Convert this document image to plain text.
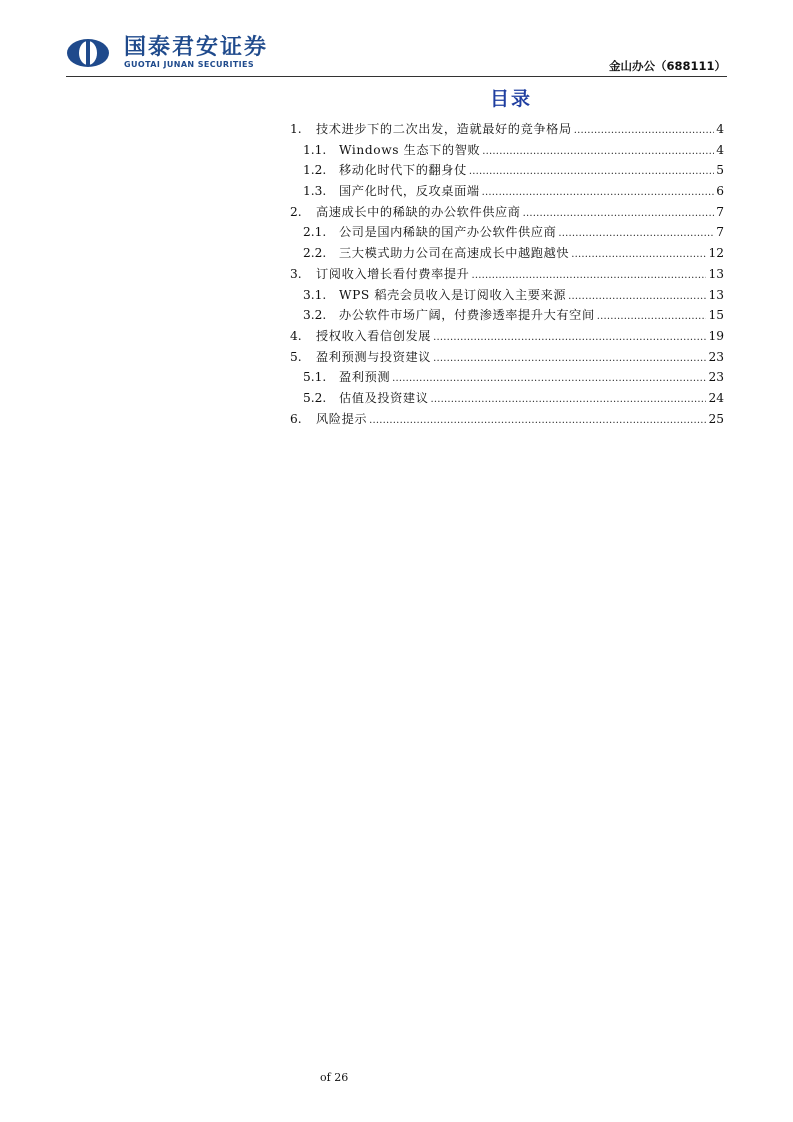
国泰君安证券
GUOTAI JUNAN SECURITIES	金山办公（688111）
目录
1.	技术进步下的二次出发，造就最好的竞争格局 .....	4
1.1.	Windows 生态下的智败 .....	4
1.2.	移动化时代下的翻身仗 .....	5
1.3.	国产化时代，反攻桌面端 .....	6
2.	高速成长中的稀缺的办公软件供应商 .....	7
2.1.	公司是国内稀缺的国产办公软件供应商 .....	7
2.2.	三大模式助力公司在高速成长中越跑越快 .....	12
3.	订阅收入增长看付费率提升 .....	13
3.1.	WPS 稻壳会员收入是订阅收入主要来源 .....	13
3.2.	办公软件市场广阔，付费渗透率提升大有空间 .....	15
4.	授权收入看信创发展 .....	19
5.	盈利预测与投资建议 .....	23
5.1.	盈利预测 .....	23
5.2.	估值及投资建议 .....	24
6.	风险提示 .....	25
of 26
